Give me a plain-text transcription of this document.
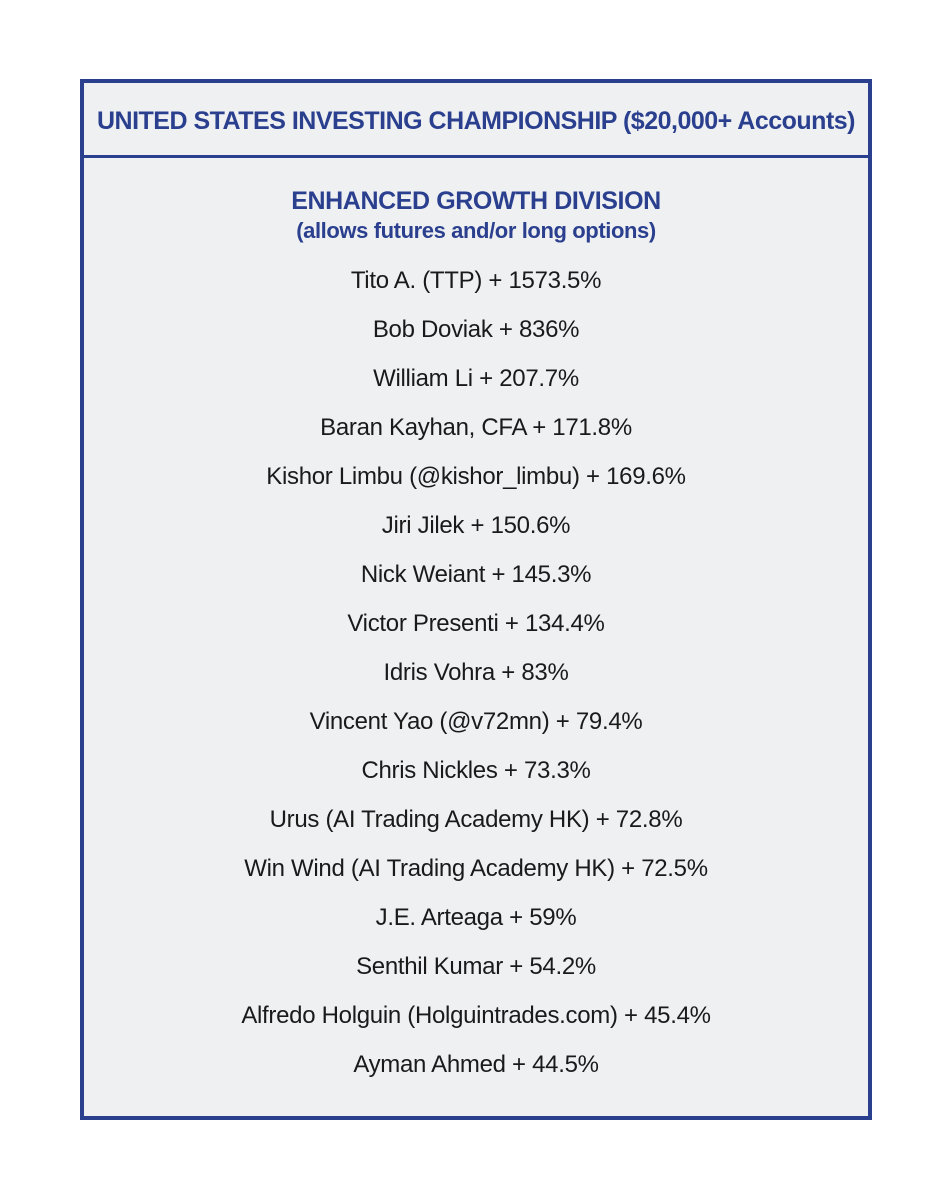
UNITED STATES INVESTING CHAMPIONSHIP ($20,000+ Accounts)
ENHANCED GROWTH DIVISION
(allows futures and/or long options)
Tito A. (TTP) + 1573.5%
Bob Doviak + 836%
William Li + 207.7%
Baran Kayhan, CFA + 171.8%
Kishor Limbu (@kishor_limbu) + 169.6%
Jiri Jilek + 150.6%
Nick Weiant + 145.3%
Victor Presenti + 134.4%
Idris Vohra + 83%
Vincent Yao (@v72mn) + 79.4%
Chris Nickles + 73.3%
Urus (AI Trading Academy HK) + 72.8%
Win Wind (AI Trading Academy HK) + 72.5%
J.E. Arteaga + 59%
Senthil Kumar + 54.2%
Alfredo Holguin (Holguintrades.com) + 45.4%
Ayman Ahmed + 44.5%
